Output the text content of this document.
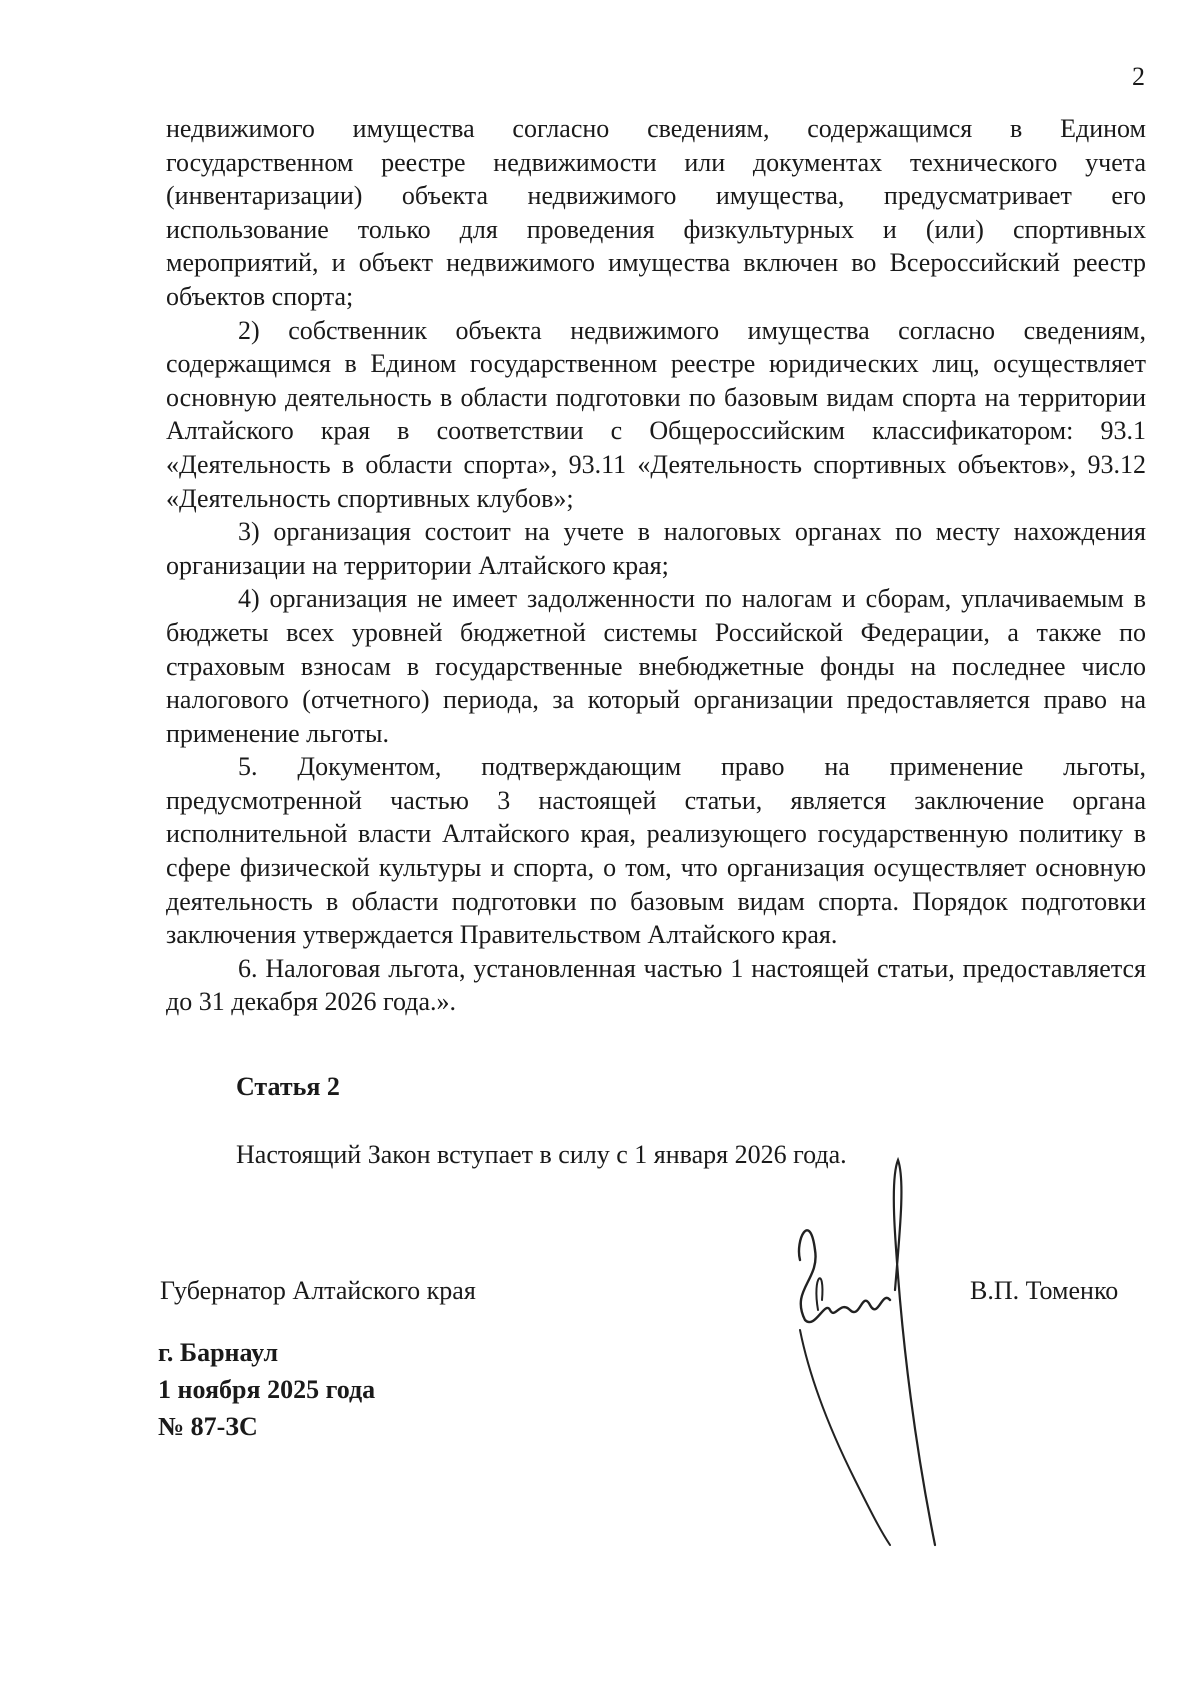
2

недвижимого имущества согласно сведениям, содержащимся в Едином государственном реестре недвижимости или документах технического учета (инвентаризации) объекта недвижимого имущества, предусматривает его использование только для проведения физкультурных и (или) спортивных мероприятий, и объект недвижимого имущества включен во Всероссийский реестр объектов спорта;

2) собственник объекта недвижимого имущества согласно сведениям, содержащимся в Едином государственном реестре юридических лиц, осуществляет основную деятельность в области подготовки по базовым видам спорта на территории Алтайского края в соответствии с Общероссийским классификатором: 93.1 «Деятельность в области спорта», 93.11 «Деятельность спортивных объектов», 93.12 «Деятельность спортивных клубов»;

3) организация состоит на учете в налоговых органах по месту нахождения организации на территории Алтайского края;

4) организация не имеет задолженности по налогам и сборам, уплачиваемым в бюджеты всех уровней бюджетной системы Российской Федерации, а также по страховым взносам в государственные внебюджетные фонды на последнее число налогового (отчетного) периода, за который организации предоставляется право на применение льготы.

5. Документом, подтверждающим право на применение льготы, предусмотренной частью 3 настоящей статьи, является заключение органа исполнительной власти Алтайского края, реализующего государственную политику в сфере физической культуры и спорта, о том, что организация осуществляет основную деятельность в области подготовки по базовым видам спорта. Порядок подготовки заключения утверждается Правительством Алтайского края.

6. Налоговая льгота, установленная частью 1 настоящей статьи, предоставляется до 31 декабря 2026 года.».

Статья 2
Настоящий Закон вступает в силу с 1 января 2026 года.
Губернатор Алтайского края	В.П. Томенко
г. Барнаул
1 ноября 2025 года
№ 87-ЗС
